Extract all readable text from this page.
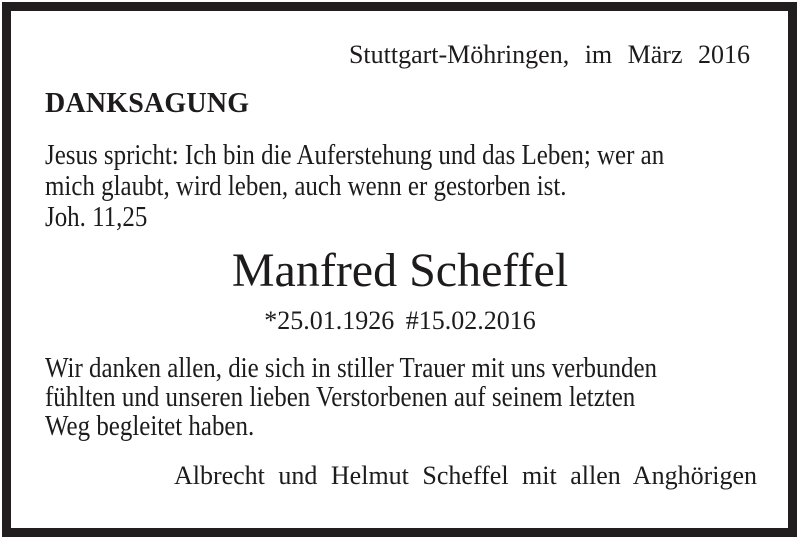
Stuttgart-Möhringen, im März 2016
DANKSAGUNG
Jesus spricht: Ich bin die Auferstehung und das Leben; wer an
mich glaubt, wird leben, auch wenn er gestorben ist.
Joh. 11,25
Manfred Scheffel
*25.01.1926 #15.02.2016
Wir danken allen, die sich in stiller Trauer mit uns verbunden
fühlten und unseren lieben Verstorbenen auf seinem letzten
Weg begleitet haben.
Albrecht und Helmut Scheffel mit allen Anghörigen
